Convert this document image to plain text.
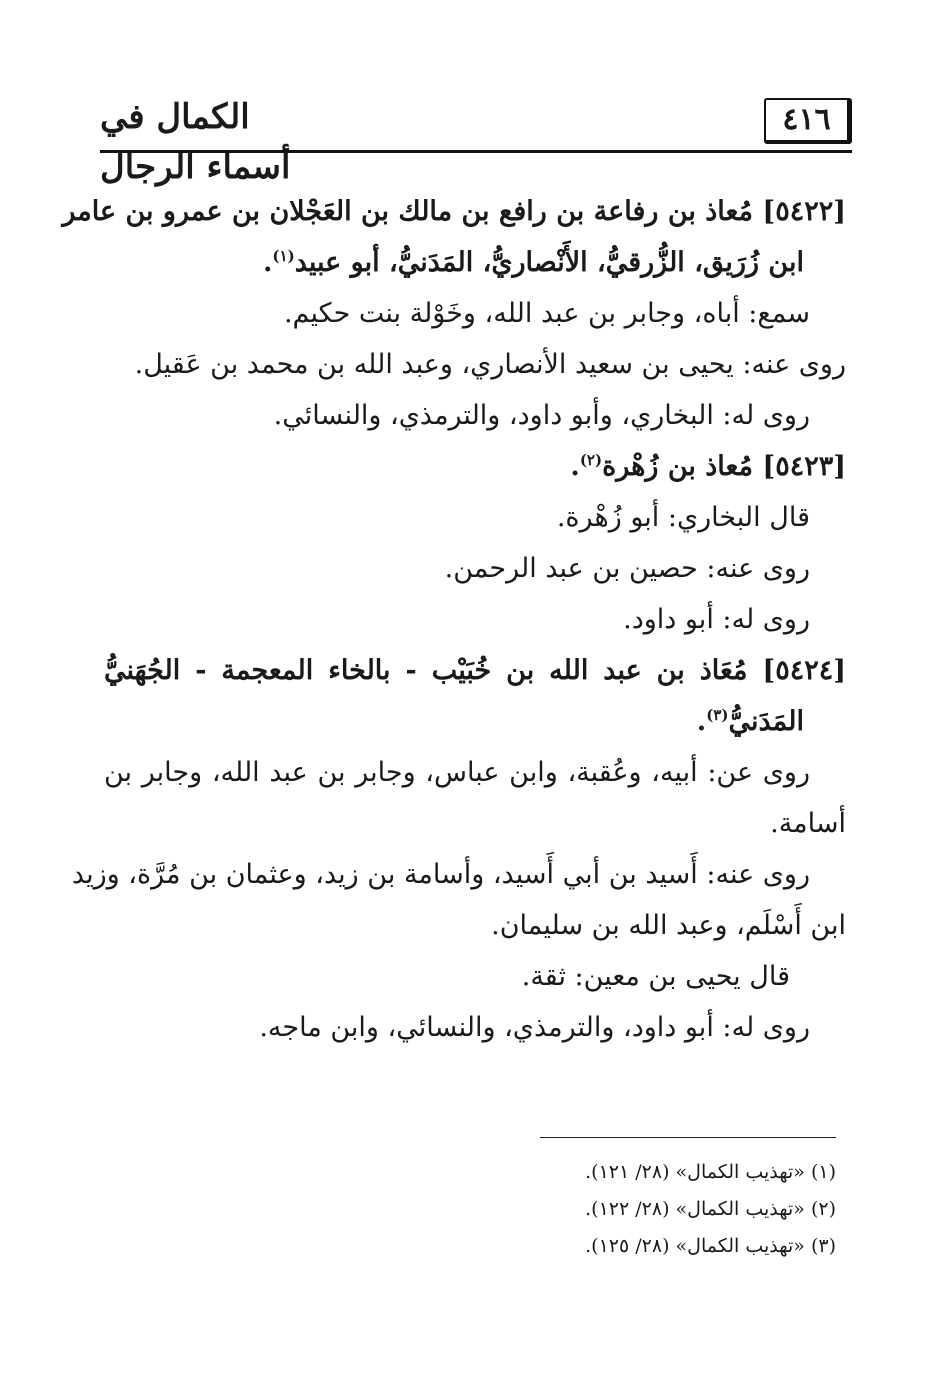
الكمال في أسماء الرجال
٤١٦
[٥٤٢٢] مُعاذ بن رفاعة بن رافع بن مالك بن العَجْلان بن عمرو بن عامر
ابن زُرَيق، الزُّرقيُّ، الأَنْصاريُّ، المَدَنيُّ، أبو عبيد$^{(١)}$.
سمع: أباه، وجابر بن عبد الله، وخَوْلة بنت حكيم.
روى عنه: يحيى بن سعيد الأنصاري، وعبد الله بن محمد بن عَقيل.
روى له: البخاري، وأبو داود، والترمذي، والنسائي.
[٥٤٢٣] مُعاذ بن زُهْرة$^{(٢)}$.
قال البخاري: أبو زُهْرة.
روى عنه: حصين بن عبد الرحمن.
روى له: أبو داود.
[٥٤٢٤] مُعَاذ بن عبد الله بن خُبَيْب - بالخاء المعجمة - الجُهَنيُّ
المَدَنيُّ$^{(٣)}$.
روى عن: أبيه، وعُقبة، وابن عباس، وجابر بن عبد الله، وجابر بن
أسامة.
روى عنه: أَسيد بن أبي أَسيد، وأسامة بن زيد، وعثمان بن مُرَّة، وزيد
ابن أَسْلَم، وعبد الله بن سليمان.
قال يحيى بن معين: ثقة.
روى له: أبو داود، والترمذي، والنسائي، وابن ماجه.
(١) «تهذيب الكمال» (٢٨/ ١٢١).
(٢) «تهذيب الكمال» (٢٨/ ١٢٢).
(٣) «تهذيب الكمال» (٢٨/ ١٢٥).
